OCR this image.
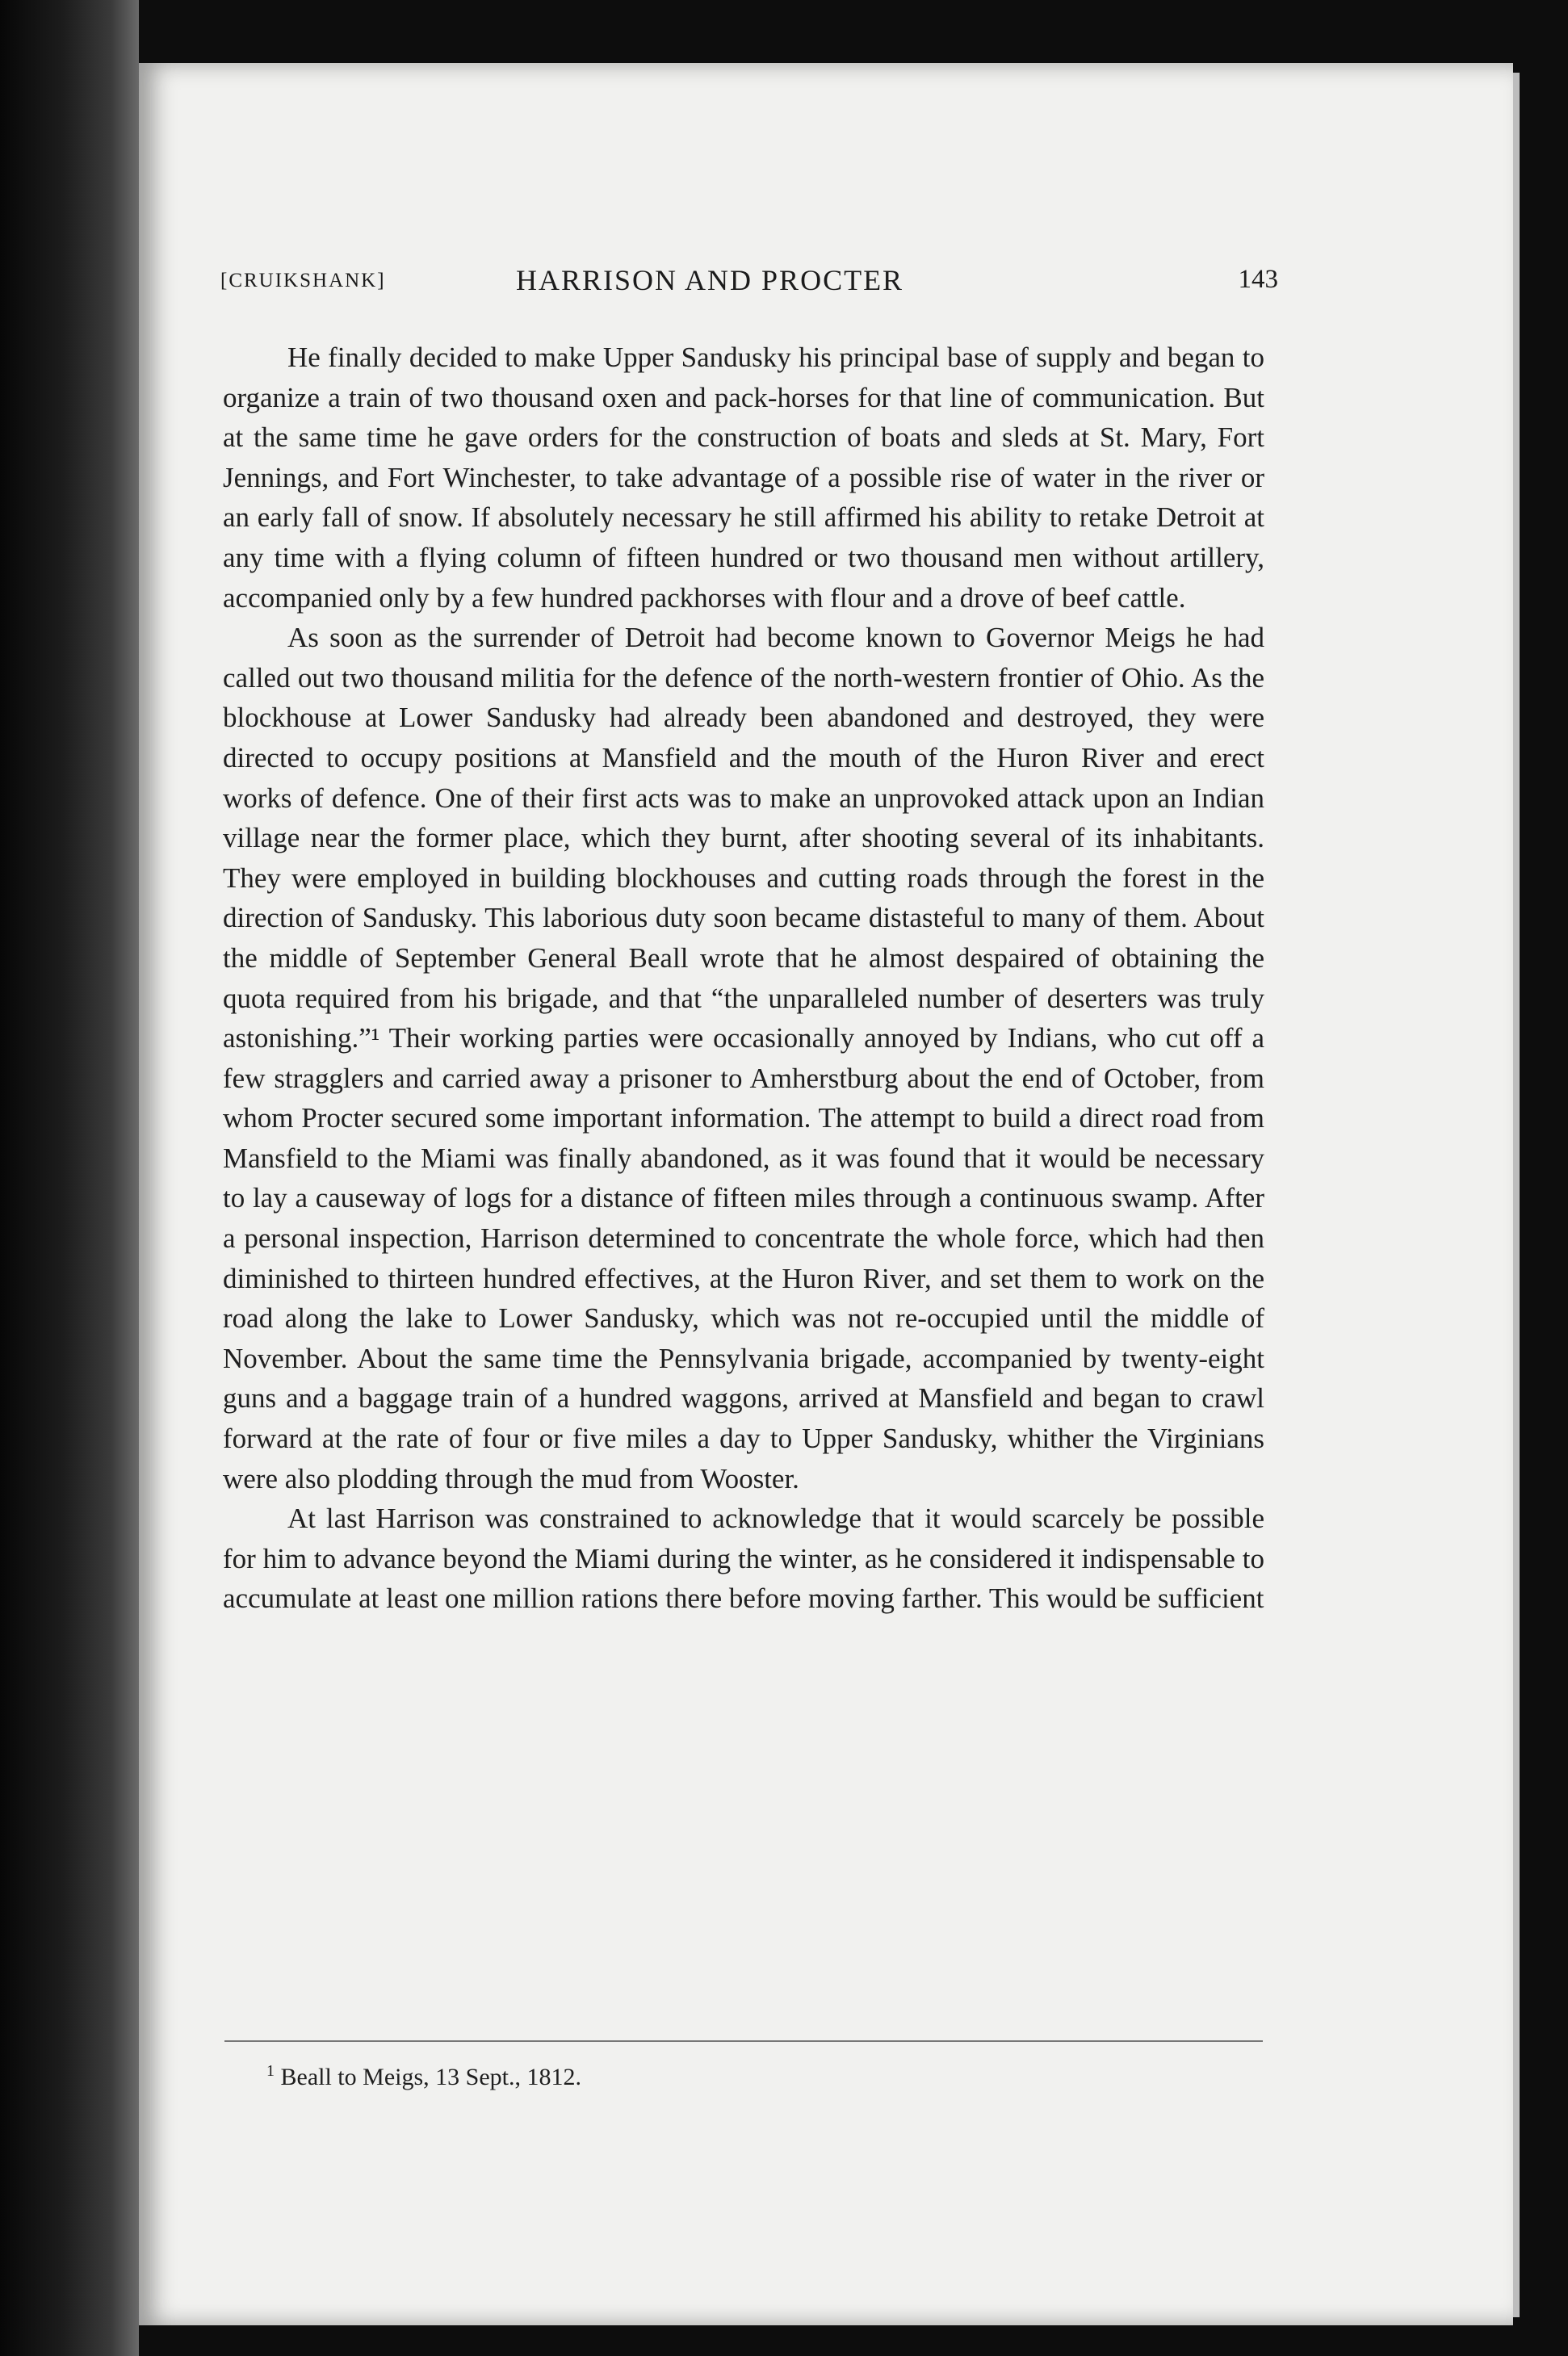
[CRUIKSHANK]	HARRISON AND PROCTER	143

He finally decided to make Upper Sandusky his principal base of supply and began to organize a train of two thousand oxen and pack-horses for that line of communication. But at the same time he gave orders for the construction of boats and sleds at St. Mary, Fort Jennings, and Fort Winchester, to take advantage of a possible rise of water in the river or an early fall of snow. If absolutely necessary he still affirmed his ability to retake Detroit at any time with a flying column of fifteen hundred or two thousand men without artillery, accompanied only by a few hundred packhorses with flour and a drove of beef cattle.

As soon as the surrender of Detroit had become known to Governor Meigs he had called out two thousand militia for the defence of the north-western frontier of Ohio. As the blockhouse at Lower Sandusky had already been abandoned and destroyed, they were directed to occupy positions at Mansfield and the mouth of the Huron River and erect works of defence. One of their first acts was to make an unprovoked attack upon an Indian village near the former place, which they burnt, after shooting several of its inhabitants. They were employed in building blockhouses and cutting roads through the forest in the direction of Sandusky. This laborious duty soon became distasteful to many of them. About the middle of September General Beall wrote that he almost despaired of obtaining the quota required from his brigade, and that “the unparalleled number of deserters was truly astonishing.”¹ Their working parties were occasionally annoyed by Indians, who cut off a few stragglers and carried away a prisoner to Amherstburg about the end of October, from whom Procter secured some important information. The attempt to build a direct road from Mansfield to the Miami was finally abandoned, as it was found that it would be necessary to lay a causeway of logs for a distance of fifteen miles through a continuous swamp. After a personal inspection, Harrison determined to concentrate the whole force, which had then diminished to thirteen hundred effectives, at the Huron River, and set them to work on the road along the lake to Lower Sandusky, which was not re-occupied until the middle of November. About the same time the Pennsylvania brigade, accompanied by twenty-eight guns and a baggage train of a hundred waggons, arrived at Mansfield and began to crawl forward at the rate of four or five miles a day to Upper Sandusky, whither the Virginians were also plodding through the mud from Wooster.

At last Harrison was constrained to acknowledge that it would scarcely be possible for him to advance beyond the Miami during the winter, as he considered it indispensable to accumulate at least one million rations there before moving farther. This would be sufficient

$^1$ Beall to Meigs, 13 Sept., 1812.
